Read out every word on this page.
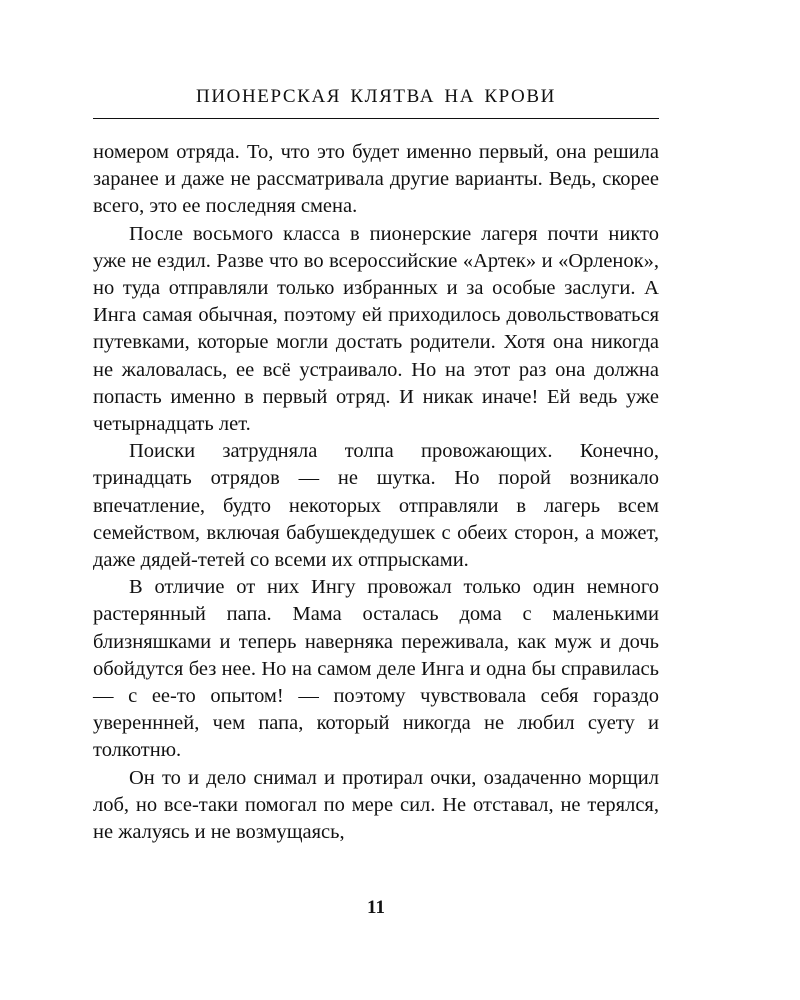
ПИОНЕРСКАЯ КЛЯТВА НА КРОВИ

номером отряда. То, что это будет именно первый, она решила заранее и даже не рассматривала другие варианты. Ведь, скорее всего, это ее последняя смена.

После восьмого класса в пионерские лагеря почти никто уже не ездил. Разве что во всероссийские «Артек» и «Орленок», но туда отправляли только избранных и за особые заслуги. А Инга самая обычная, поэтому ей приходилось довольствоваться путевками, которые могли достать родители. Хотя она никогда не жаловалась, ее всё устраивало. Но на этот раз она должна попасть именно в первый отряд. И никак иначе! Ей ведь уже четырнадцать лет.

Поиски затрудняла толпа провожающих. Конечно, тринадцать отрядов — не шутка. Но порой возникало впечатление, будто некоторых отправляли в лагерь всем семейством, включая бабушекдедушек с обеих сторон, а может, даже дядей-тетей со всеми их отпрысками.

В отличие от них Ингу провожал только один немного растерянный папа. Мама осталась дома с маленькими близняшками и теперь наверняка переживала, как муж и дочь обойдутся без нее. Но на самом деле Инга и одна бы справилась — с ее-то опытом! — поэтому чувствовала себя гораздо увереннней, чем папа, который никогда не любил суету и толкотню.

Он то и дело снимал и протирал очки, озадаченно морщил лоб, но все-таки помогал по мере сил. Не отставал, не терялся, не жалуясь и не возмущаясь,

11
